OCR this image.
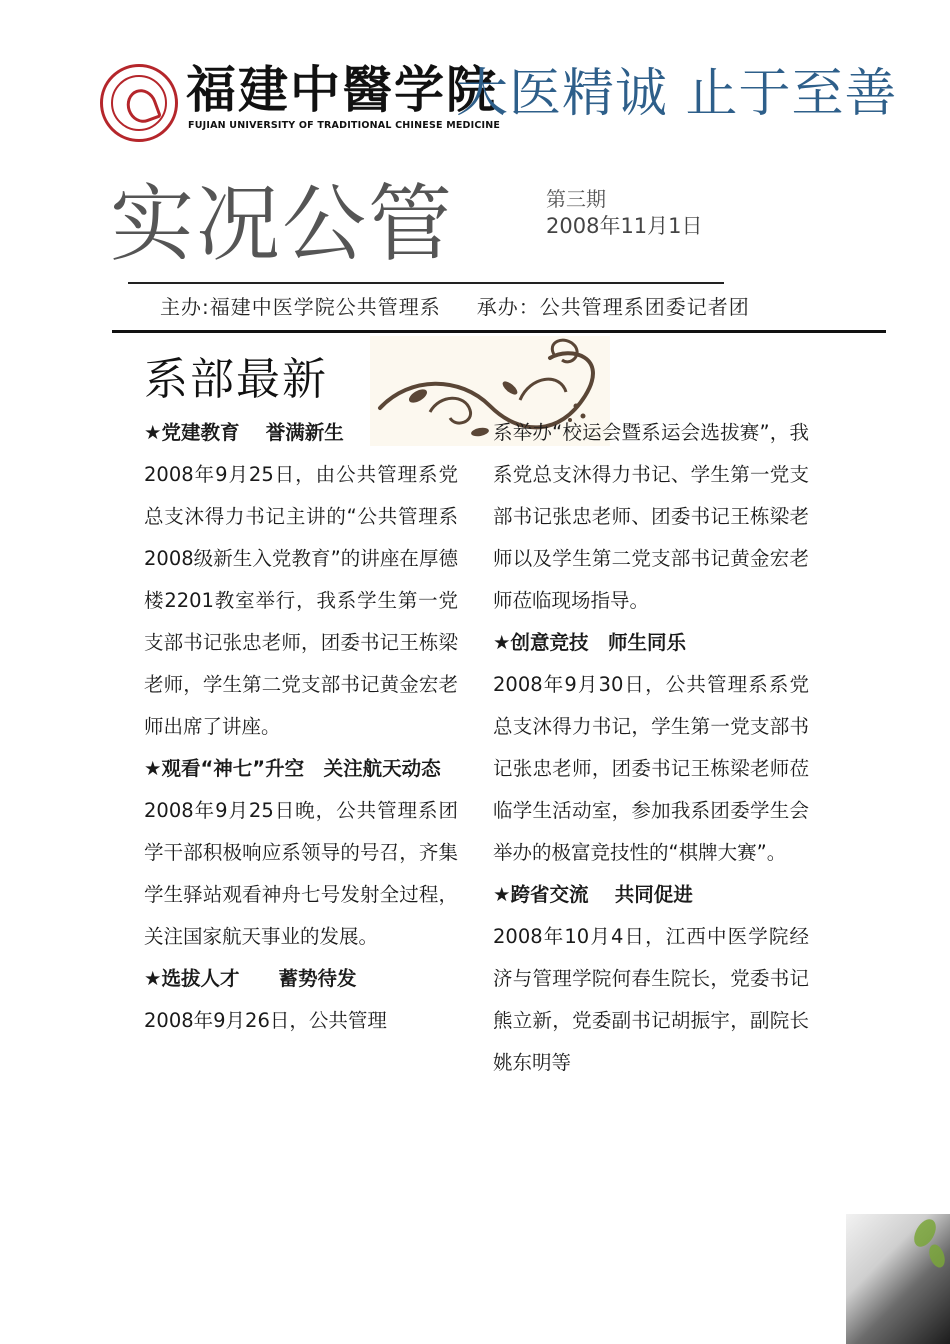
福建中醫学院
FUJIAN UNIVERSITY OF TRADITIONAL CHINESE MEDICINE
大医精诚 止于至善
实况公管	第三期
2008年11月1日
主办:福建中医学院公共管理系 承办：公共管理系团委记者团
系部最新

★党建教育　 誉满新生

2008年9月25日，由公共管理系党总支沐得力书记主讲的“公共管理系2008级新生入党教育”的讲座在厚德楼2201教室举行，我系学生第一党支部书记张忠老师，团委书记王栋梁老师，学生第二党支部书记黄金宏老师出席了讲座。

★观看“神七”升空　关注航天动态

2008年9月25日晚，公共管理系团学干部积极响应系领导的号召，齐集学生驿站观看神舟七号发射全过程，关注国家航天事业的发展。

★选拔人才　　蓄势待发

2008年9月26日，公共管理

系举办“校运会暨系运会选拔赛”，我系党总支沐得力书记、学生第一党支部书记张忠老师、团委书记王栋梁老师以及学生第二党支部书记黄金宏老师莅临现场指导。

★创意竞技　师生同乐

2008年9月30日，公共管理系系党总支沐得力书记，学生第一党支部书记张忠老师，团委书记王栋梁老师莅临学生活动室，参加我系团委学生会举办的极富竞技性的“棋牌大赛”。

★跨省交流　 共同促进

2008年10月4日，江西中医学院经济与管理学院何春生院长，党委书记熊立新，党委副书记胡振宇，副院长姚东明等
